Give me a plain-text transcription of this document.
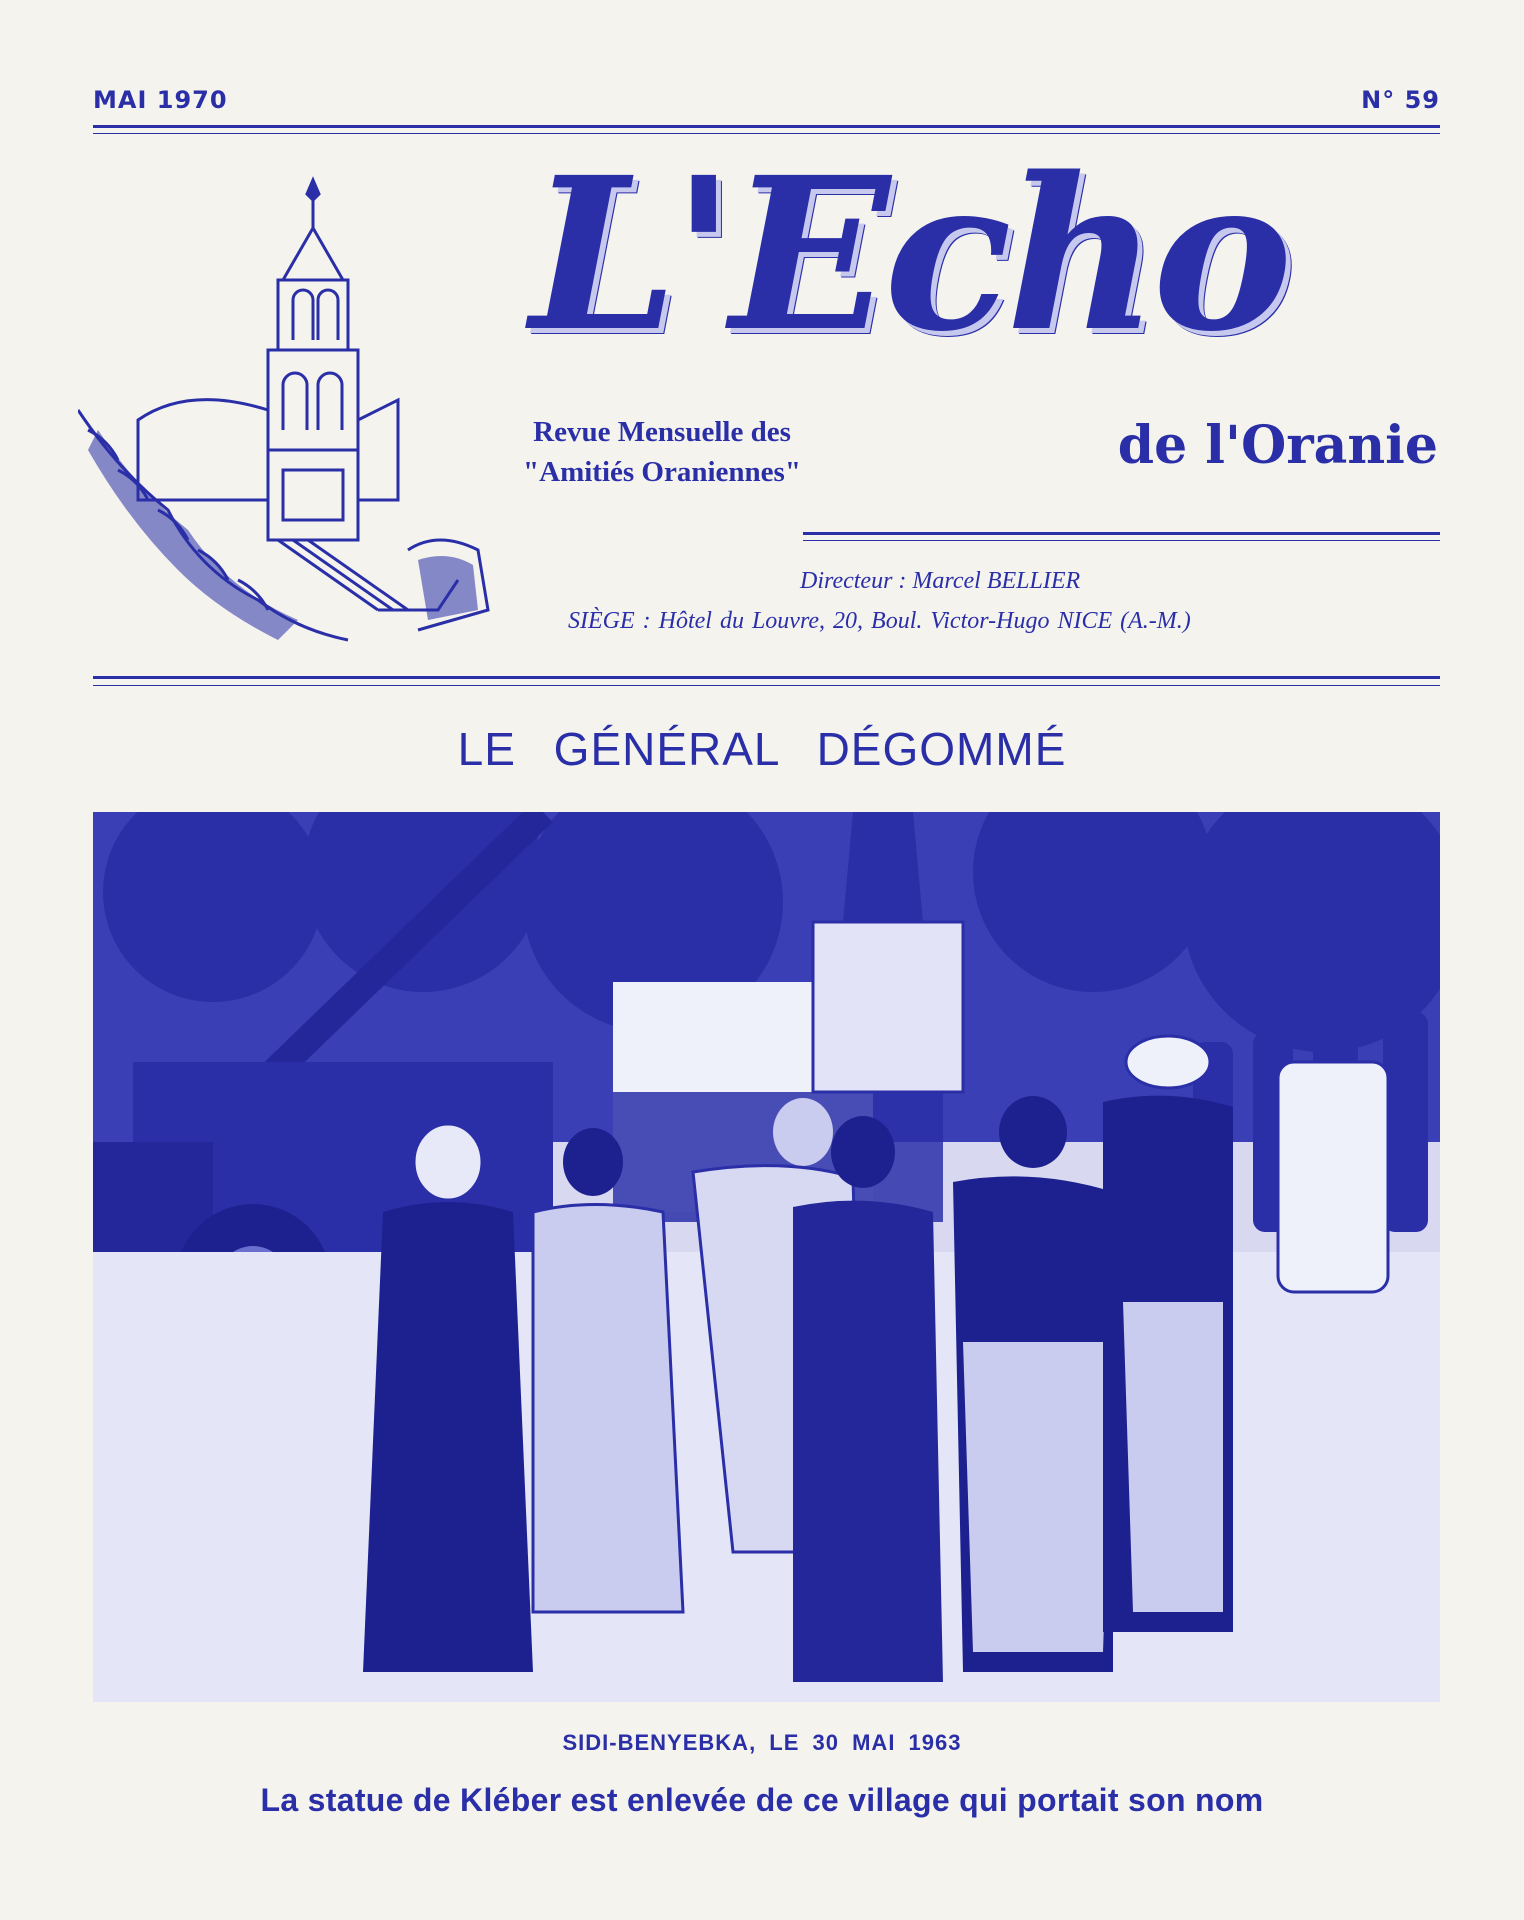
MAI 1970	N° 59
L'Echo
Revue Mensuelle des
"Amitiés Oraniennes"	de l'Oranie
Directeur : Marcel BELLIER
SIÈGE : Hôtel du Louvre, 20, Boul. Victor-Hugo NICE (A.-M.)
LE GÉNÉRAL DÉGOMMÉ
SIDI-BENYEBKA, LE 30 MAI 1963
La statue de Kléber est enlevée de ce village qui portait son nom
